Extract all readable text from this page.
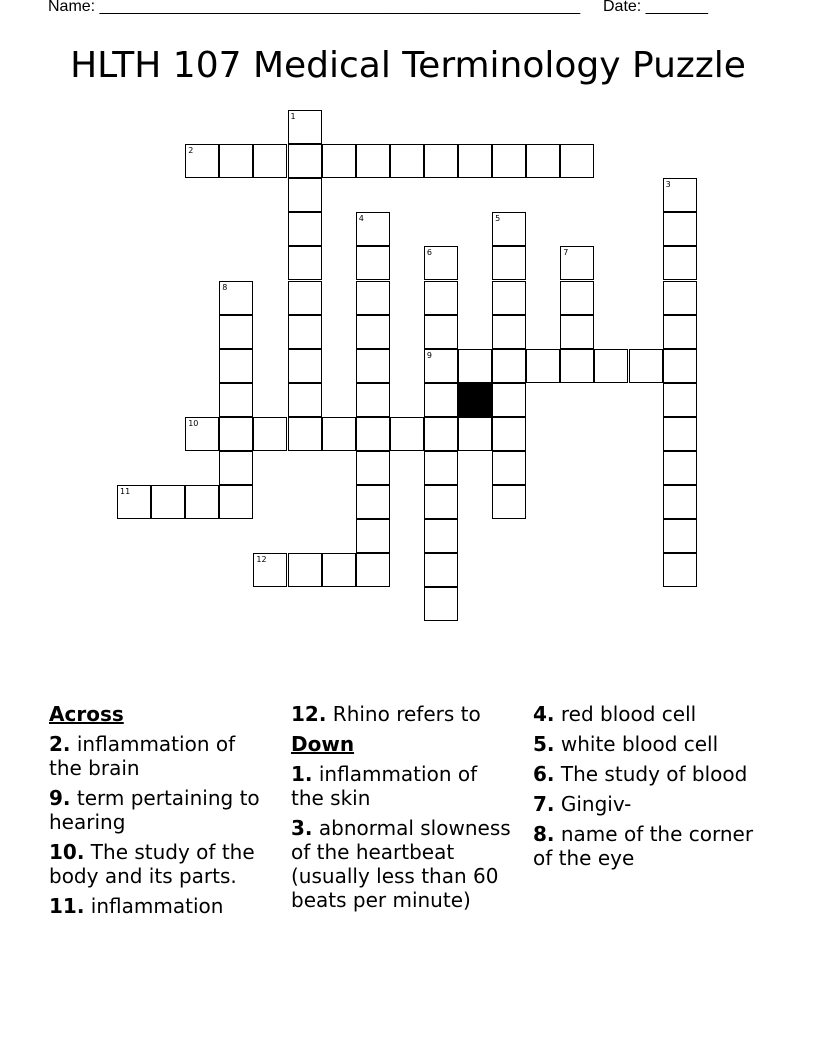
Name: ______________________________________________________ Date: _______
HLTH 107 Medical Terminology Puzzle
2
9
10
11
12
1
3
4	5
6	7
8
Across
2. inflammation of the brain
9. term pertaining to hearing
10. The study of the body and its parts.
11. inflammation
12. Rhino refers to
Down
1. inflammation of the skin
3. abnormal slowness of the heartbeat (usually less than 60 beats per minute)
4. red blood cell
5. white blood cell
6. The study of blood
7. Gingiv-
8. name of the corner of the eye
